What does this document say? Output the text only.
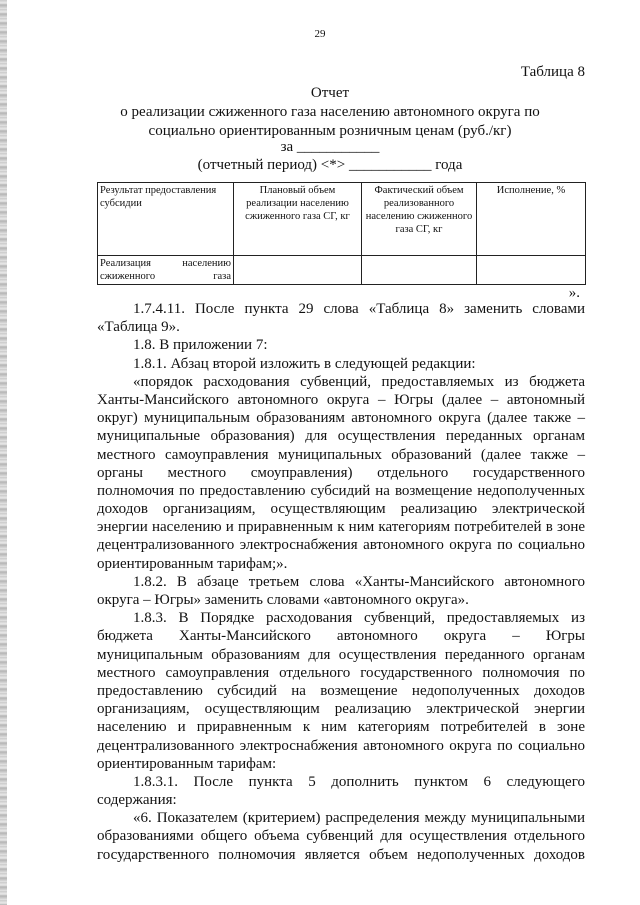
29
Таблица 8
Отчет
о реализации сжиженного газа населению автономного округа по
социально ориентированным розничным ценам (руб./кг)
за ___________
(отчетный период) <*> ___________ года
Результат предоставления субсидии	Плановый объем реализации населению сжиженного газа СГ, кг	Фактический объем реализованного населению сжиженного газа СГ, кг	Исполнение, %
Реализация населению сжиженного газа			
».
1.7.4.11. После пункта 29 слова «Таблица 8» заменить словами
«Таблица 9».
1.8. В приложении 7:
1.8.1. Абзац второй изложить в следующей редакции:
«порядок расходования субвенций, предоставляемых из бюджета
Ханты-Мансийского автономного округа – Югры (далее – автономный
округ) муниципальным образованиям автономного округа (далее также –
муниципальные образования) для осуществления переданных органам
местного самоуправления муниципальных образований (далее также –
органы местного смоуправления) отдельного государственного
полномочия по предоставлению субсидий на возмещение недополученных
доходов организациям, осуществляющим реализацию электрической
энергии населению и приравненным к ним категориям потребителей в зоне
децентрализованного электроснабжения автономного округа по социально
ориентированным тарифам;».
1.8.2. В абзаце третьем слова «Ханты-Мансийского автономного
округа – Югры» заменить словами «автономного округа».
1.8.3. В Порядке расходования субвенций, предоставляемых из
бюджета Ханты-Мансийского автономного округа – Югры
муниципальным образованиям для осуществления переданного органам
местного самоуправления отдельного государственного полномочия по
предоставлению субсидий на возмещение недополученных доходов
организациям, осуществляющим реализацию электрической энергии
населению и приравненным к ним категориям потребителей в зоне
децентрализованного электроснабжения автономного округа по социально
ориентированным тарифам:
1.8.3.1. После пункта 5 дополнить пунктом 6 следующего
содержания:
«6. Показателем (критерием) распределения между муниципальными
образованиями общего объема субвенций для осуществления отдельного
государственного полномочия является объем недополученных доходов
